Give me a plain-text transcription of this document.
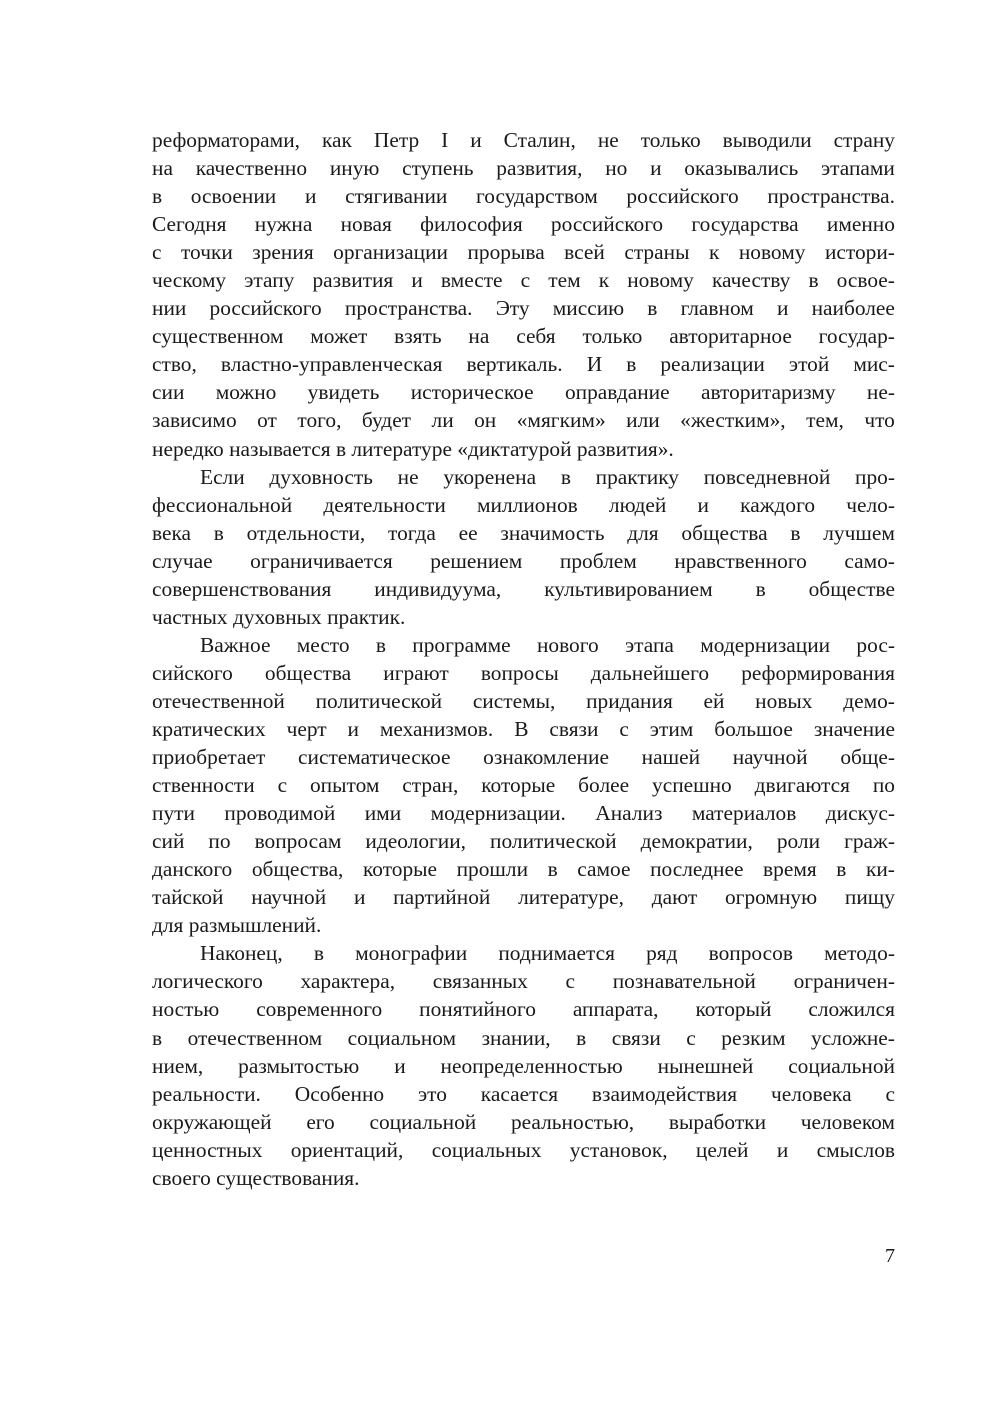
реформаторами, как Петр I и Сталин, не только выводили страну
на качественно иную ступень развития, но и оказывались этапами
в освоении и стягивании государством российского пространства.
Сегодня нужна новая философия российского государства именно
с точки зрения организации прорыва всей страны к новому истори-
ческому этапу развития и вместе с тем к новому качеству в освое-
нии российского пространства. Эту миссию в главном и наиболее
существенном может взять на себя только авторитарное государ-
ство, властно-управленческая вертикаль. И в реализации этой мис-
сии можно увидеть историческое оправдание авторитаризму не-
зависимо от того, будет ли он «мягким» или «жестким», тем, что
нередко называется в литературе «диктатурой развития».

Если духовность не укоренена в практику повседневной про-
фессиональной деятельности миллионов людей и каждого чело-
века в отдельности, тогда ее значимость для общества в лучшем
случае ограничивается решением проблем нравственного само-
совершенствования индивидуума, культивированием в обществе
частных духовных практик.

Важное место в программе нового этапа модернизации рос-
сийского общества играют вопросы дальнейшего реформирования
отечественной политической системы, придания ей новых демо-
кратических черт и механизмов. В связи с этим большое значение
приобретает систематическое ознакомление нашей научной обще-
ственности с опытом стран, которые более успешно двигаются по
пути проводимой ими модернизации. Анализ материалов дискус-
сий по вопросам идеологии, политической демократии, роли граж-
данского общества, которые прошли в самое последнее время в ки-
тайской научной и партийной литературе, дают огромную пищу
для размышлений.

Наконец, в монографии поднимается ряд вопросов методо-
логического характера, связанных с познавательной ограничен-
ностью современного понятийного аппарата, который сложился
в отечественном социальном знании, в связи с резким усложне-
нием, размытостью и неопределенностью нынешней социальной
реальности. Особенно это касается взаимодействия человека с
окружающей его социальной реальностью, выработки человеком
ценностных ориентаций, социальных установок, целей и смыслов
своего существования.

7
